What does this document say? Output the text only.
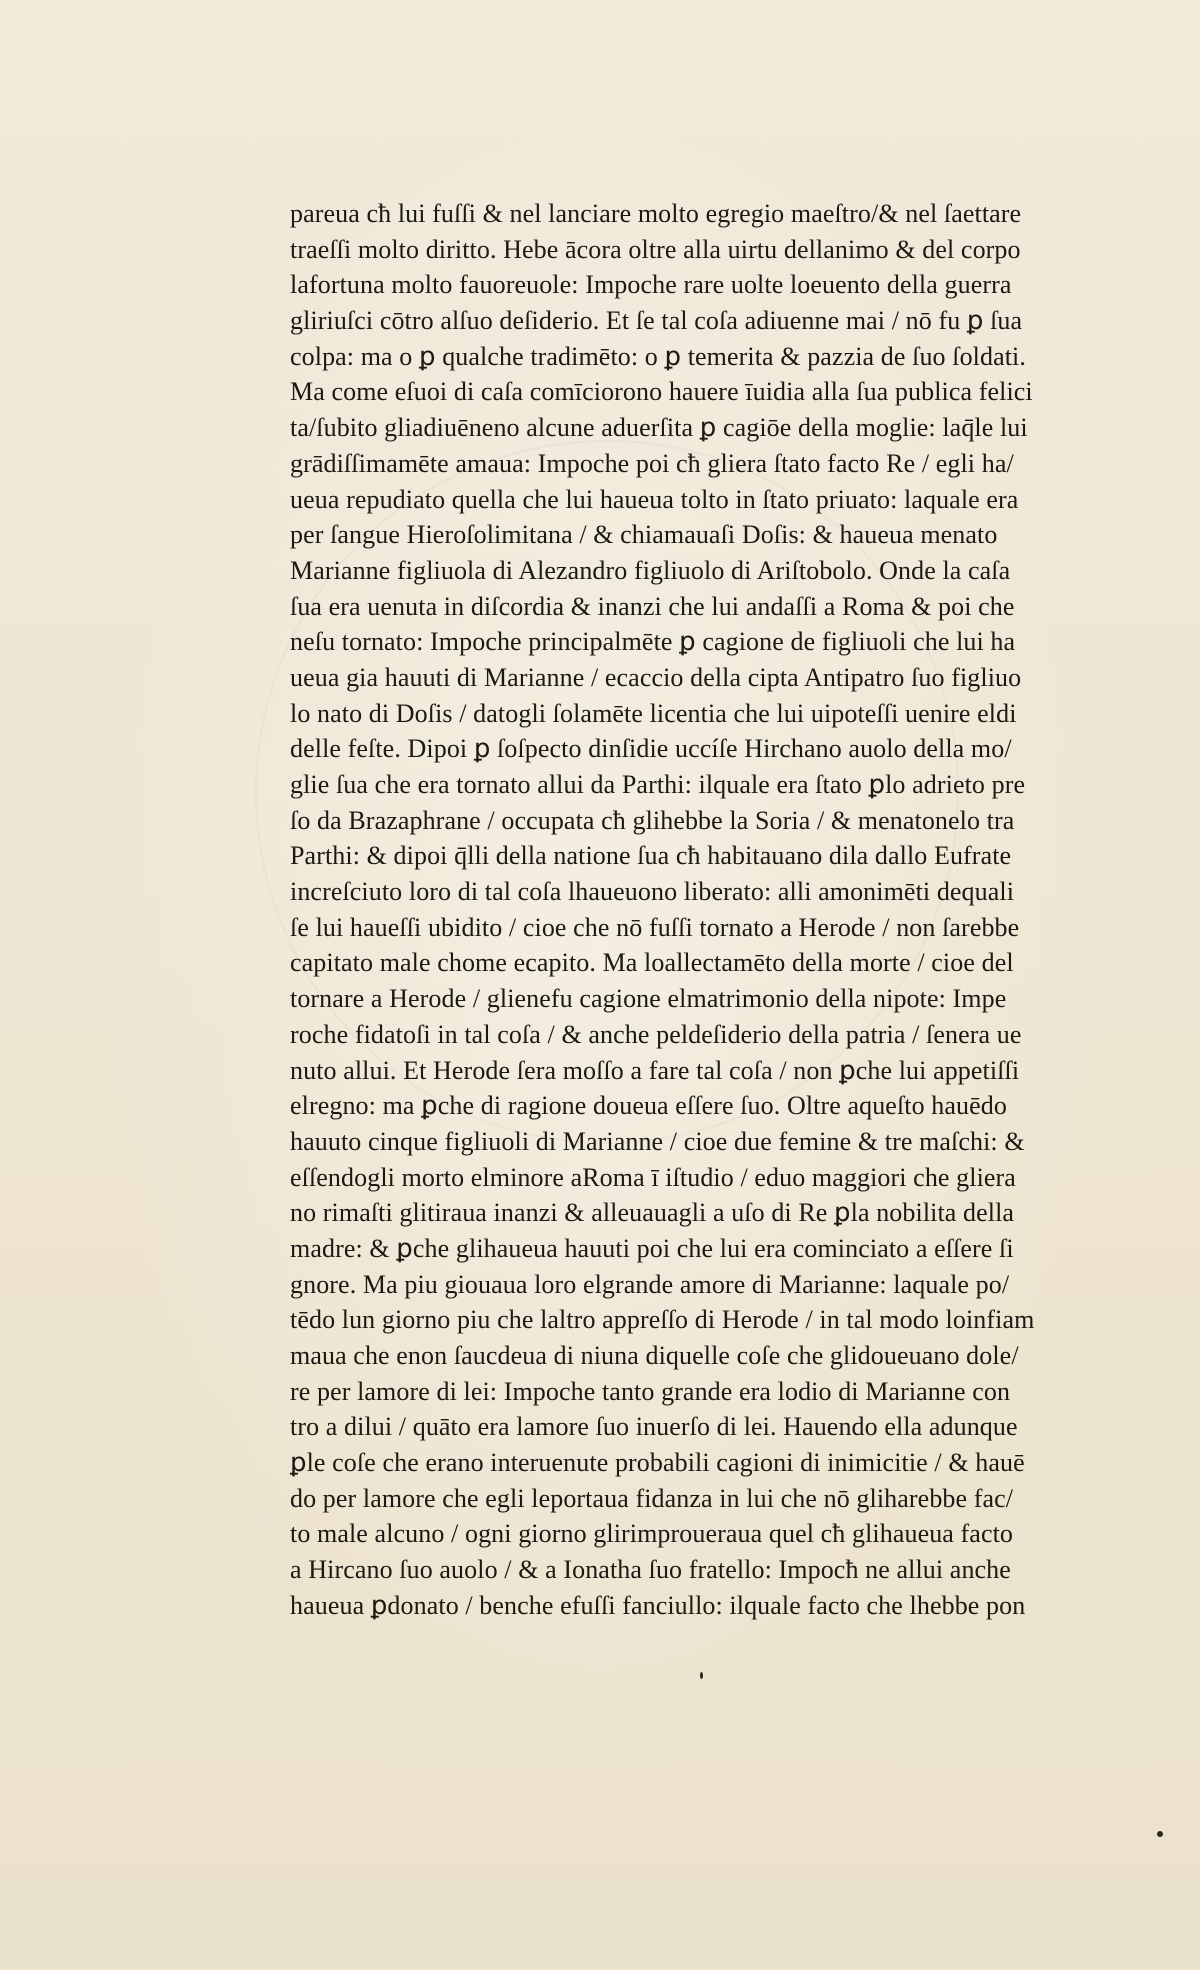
pareua cħ lui fuſſi & nel lanciare molto egregio maeſtro/& nel ſaettare
traeſſi molto diritto. Hebe ācora oltre alla uirtu dellanimo & del corpo
lafortuna molto fauoreuole: Impoche rare uolte loeuento della guerra
gliriuſci cōtro alſuo deſiderio. Et ſe tal coſa adiuenne mai / nō fu ꝑ ſua
colpa: ma o ꝑ qualche tradimēto: o ꝑ temerita & pazzia de ſuo ſoldati.
Ma come eſuoi di caſa comīciorono hauere īuidia alla ſua publica felici
ta/ſubito gliadiuēneno alcune aduerſita ꝑ cagiōe della moglie: laq̄le lui
grādiſſimamēte amaua: Impoche poi cħ gliera ſtato facto Re / egli ha/
ueua repudiato quella che lui haueua tolto in ſtato priuato: laquale era
per ſangue Hieroſolimitana / & chiamauaſi Doſis: & haueua menato
Marianne figliuola di Alezandro figliuolo di Ariſtobolo. Onde la caſa
ſua era uenuta in diſcordia & inanzi che lui andaſſi a Roma & poi che
neſu tornato: Impoche principalmēte ꝑ cagione de figliuoli che lui ha
ueua gia hauuti di Marianne / ecaccio della cipta Antipatro ſuo figliuo
lo nato di Doſis / datogli ſolamēte licentia che lui uipoteſſi uenire eldi
delle feſte. Dipoi ꝑ ſoſpecto dinſidie uccíſe Hirchano auolo della mo/
glie ſua che era tornato allui da Parthi: ilquale era ſtato ꝑlo adrieto pre
ſo da Brazaphrane / occupata cħ glihebbe la Soria / & menatonelo tra
Parthi: & dipoi q̄lli della natione ſua cħ habitauano dila dallo Eufrate
increſciuto loro di tal coſa lhaueuono liberato: alli amonimēti dequali
ſe lui haueſſi ubidito / cioe che nō fuſſi tornato a Herode / non ſarebbe
capitato male chome ecapito. Ma loallectamēto della morte / cioe del
tornare a Herode / glienefu cagione elmatrimonio della nipote: Impe
roche fidatoſi in tal coſa / & anche peldeſiderio della patria / ſenera ue
nuto allui. Et Herode ſera moſſo a fare tal coſa / non ꝑche lui appetiſſi
elregno: ma ꝑche di ragione doueua eſſere ſuo. Oltre aqueſto hauēdo
hauuto cinque figliuoli di Marianne / cioe due femine & tre maſchi: &
eſſendogli morto elminore aRoma ī iſtudio / eduo maggiori che gliera
no rimaſti glitiraua inanzi & alleuauagli a uſo di Re ꝑla nobilita della
madre: & ꝑche glihaueua hauuti poi che lui era cominciato a eſſere ſi
gnore. Ma piu giouaua loro elgrande amore di Marianne: laquale po/
tēdo lun giorno piu che laltro appreſſo di Herode / in tal modo loinfiam
maua che enon ſaucdeua di niuna diquelle coſe che glidoueuano dole/
re per lamore di lei: Impoche tanto grande era lodio di Marianne con
tro a dilui / quāto era lamore ſuo inuerſo di lei. Hauendo ella adunque
ꝑle coſe che erano interuenute probabili cagioni di inimicitie / & hauē
do per lamore che egli leportaua fidanza in lui che nō gliharebbe fac/
to male alcuno / ogni giorno glirimproueraua quel cħ glihaueua facto
a Hircano ſuo auolo / & a Ionatha ſuo fratello: Impocħ ne allui anche
haueua ꝑdonato / benche efuſſi fanciullo: ilquale facto che lhebbe pon
